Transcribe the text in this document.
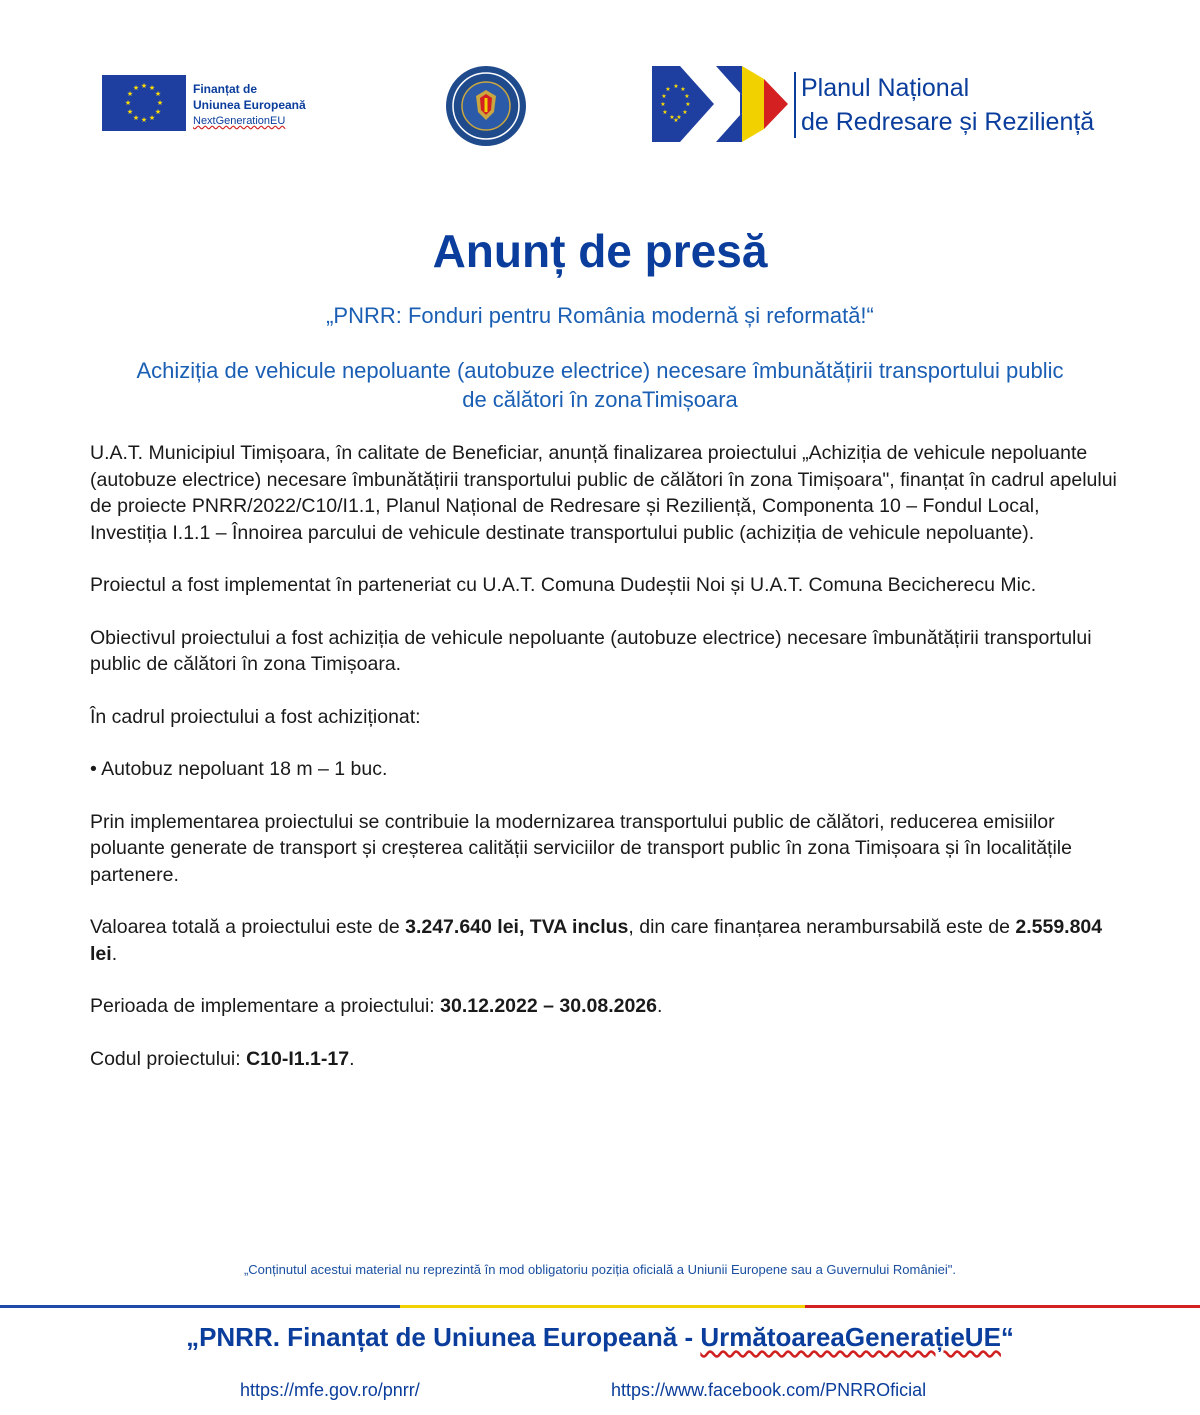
★ ★
★
★
★
★
★
★
★
★
★
★	Finanțat de
Uniunea Europeană
NextGenerationEU
★ ★
★
★
★
★
★
★
★
★
★
★
Planul Național
de Redresare și Reziliență
Anunț de presă
„PNRR: Fonduri pentru România modernă și reformată!“
Achiziția de vehicule nepoluante (autobuze electrice) necesare îmbunătățirii transportului public
de călători în zonaTimișoara

U.A.T. Municipiul Timișoara, în calitate de Beneficiar, anunță finalizarea proiectului „Achiziția de vehicule nepoluante (autobuze electrice) necesare îmbunătățirii transportului public de călători în zona Timișoara", finanțat în cadrul apelului de proiecte PNRR/2022/C10/I1.1, Planul Național de Redresare și Reziliență, Componenta 10 – Fondul Local, Investiția I.1.1 – Înnoirea parcului de vehicule destinate transportului public (achiziția de vehicule nepoluante).

Proiectul a fost implementat în parteneriat cu U.A.T. Comuna Dudeștii Noi și U.A.T. Comuna Becicherecu Mic.

Obiectivul proiectului a fost achiziția de vehicule nepoluante (autobuze electrice) necesare îmbunătățirii transportului public de călători în zona Timișoara.

În cadrul proiectului a fost achiziționat:

• Autobuz nepoluant 18 m – 1 buc.

Prin implementarea proiectului se contribuie la modernizarea transportului public de călători, reducerea emisiilor poluante generate de transport și creșterea calității serviciilor de transport public în zona Timișoara și în localitățile partenere.

Valoarea totală a proiectului este de 3.247.640 lei, TVA inclus, din care finanțarea nerambursabilă este de 2.559.804 lei.

Perioada de implementare a proiectului: 30.12.2022 – 30.08.2026.

Codul proiectului: C10-I1.1-17.

„Conținutul acestui material nu reprezintă în mod obligatoriu poziția oficială a Uniunii Europene sau a Guvernului României".
„PNRR. Finanțat de Uniunea Europeană - UrmătoareaGenerațieUE“
https://mfe.gov.ro/pnrr/	https://www.facebook.com/PNRROficial
